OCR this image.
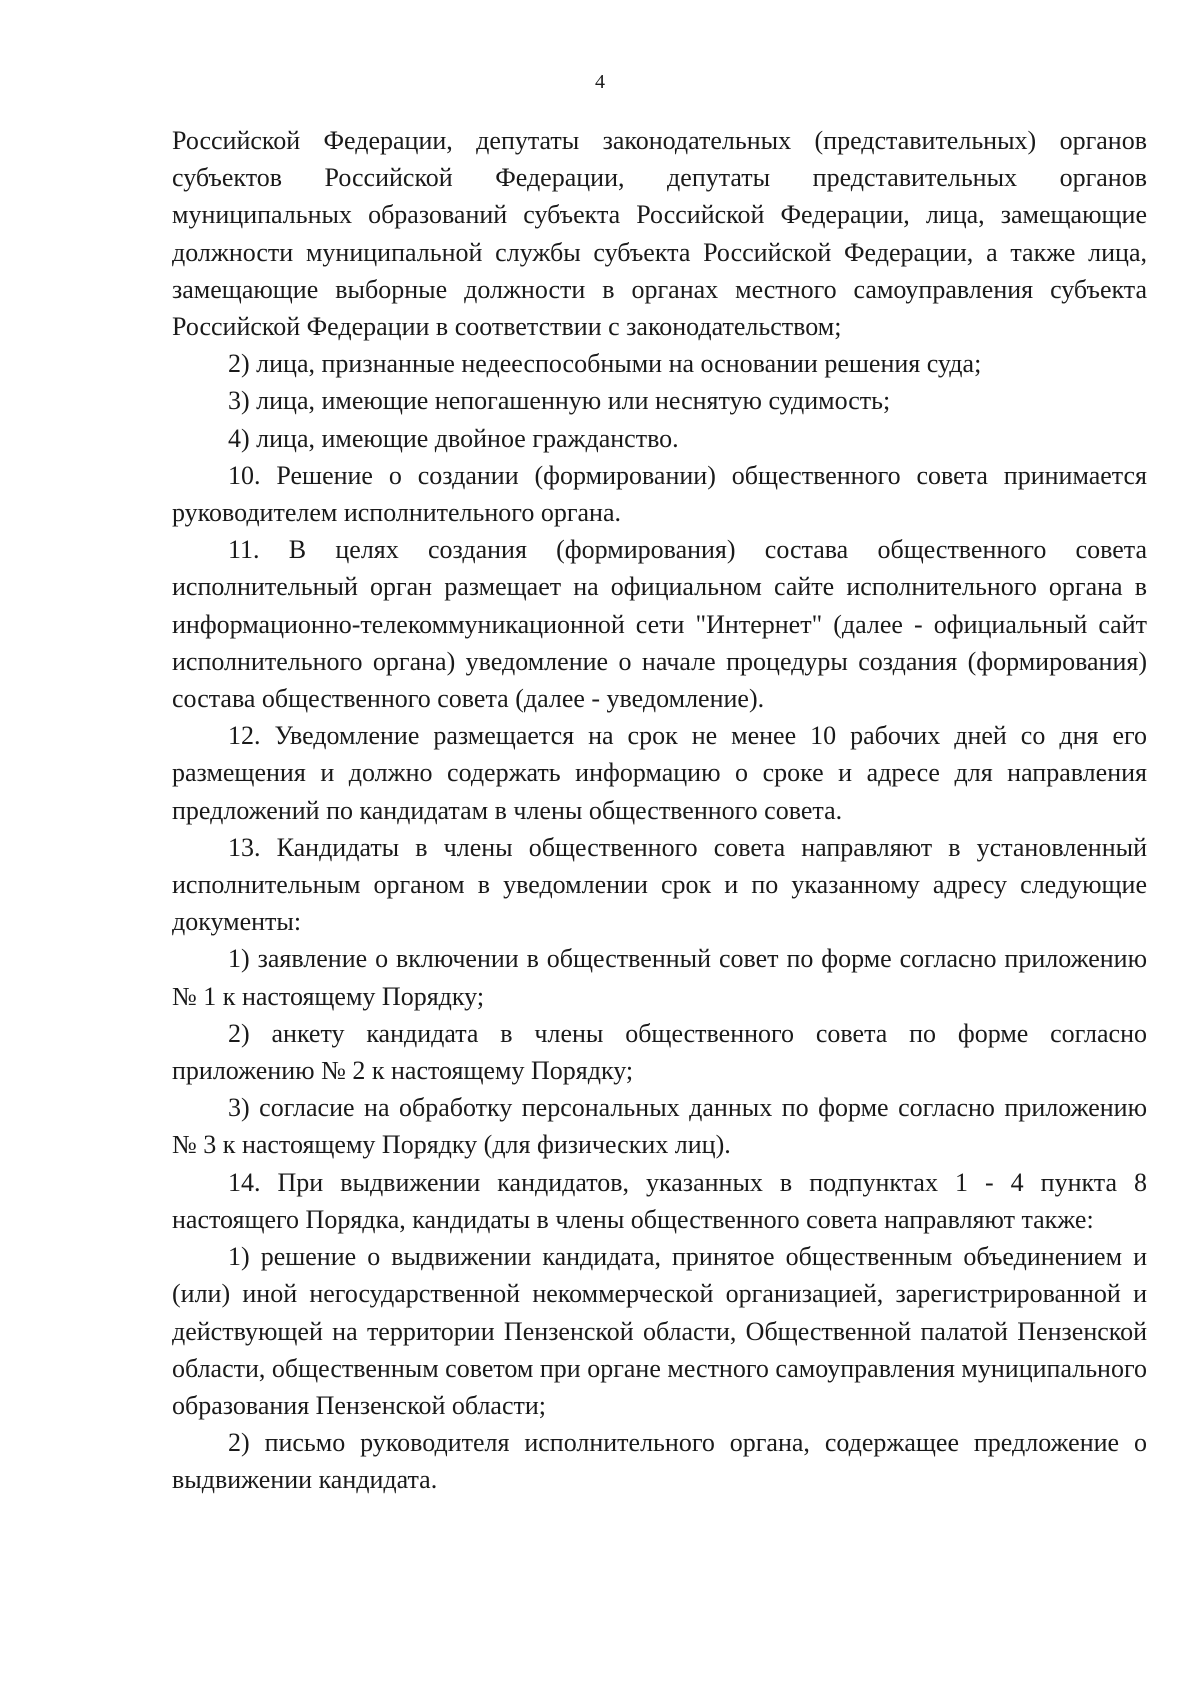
4

Российской Федерации, депутаты законодательных (представительных) органов субъектов Российской Федерации, депутаты представительных органов муниципальных образований субъекта Российской Федерации, лица, замещающие должности муниципальной службы субъекта Российской Федерации, а также лица, замещающие выборные должности в органах местного самоуправления субъекта Российской Федерации в соответствии с законодательством;

2) лица, признанные недееспособными на основании решения суда;

3) лица, имеющие непогашенную или неснятую судимость;

4) лица, имеющие двойное гражданство.

10. Решение о создании (формировании) общественного совета принимается руководителем исполнительного органа.

11. В целях создания (формирования) состава общественного совета исполнительный орган размещает на официальном сайте исполнительного органа в информационно-телекоммуникационной сети "Интернет" (далее - официальный сайт исполнительного органа) уведомление о начале процедуры создания (формирования) состава общественного совета (далее - уведомление).

12. Уведомление размещается на срок не менее 10 рабочих дней со дня его размещения и должно содержать информацию о сроке и адресе для направления предложений по кандидатам в члены общественного совета.

13. Кандидаты в члены общественного совета направляют в установленный исполнительным органом в уведомлении срок и по указанному адресу следующие документы:

1) заявление о включении в общественный совет по форме согласно приложению № 1 к настоящему Порядку;

2) анкету кандидата в члены общественного совета по форме согласно приложению № 2 к настоящему Порядку;

3) согласие на обработку персональных данных по форме согласно приложению № 3 к настоящему Порядку (для физических лиц).

14. При выдвижении кандидатов, указанных в подпунктах 1 - 4 пункта 8 настоящего Порядка, кандидаты в члены общественного совета направляют также:

1) решение о выдвижении кандидата, принятое общественным объединением и (или) иной негосударственной некоммерческой организацией, зарегистрированной и действующей на территории Пензенской области, Общественной палатой Пензенской области, общественным советом при органе местного самоуправления муниципального образования Пензенской области;

2) письмо руководителя исполнительного органа, содержащее предложение о выдвижении кандидата.
